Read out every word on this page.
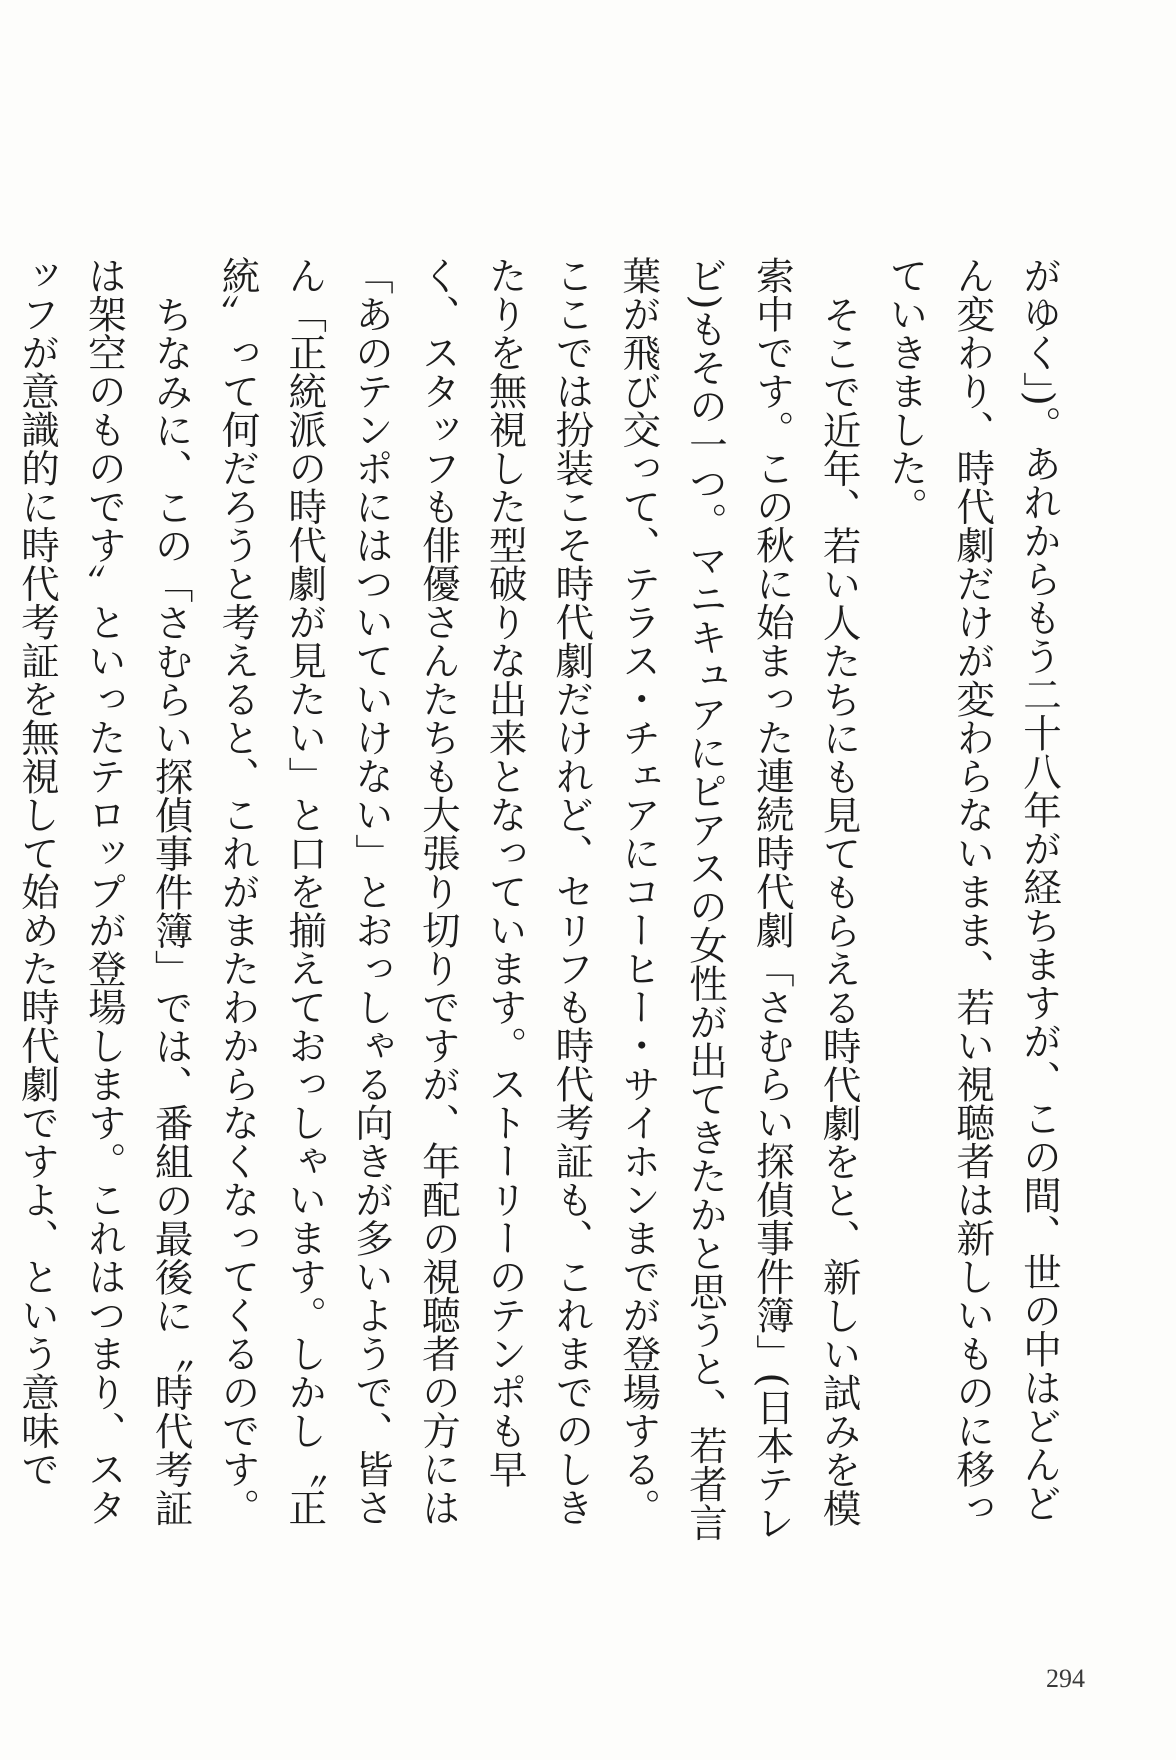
がゆく」)。あれからもう二十八年が経ちますが、この間、世の中はどんどん変わり、時代劇だけが変わらないまま、若い視聴者は新しいものに移っていきました。

そこで近年、若い人たちにも見てもらえる時代劇をと、新しい試みを模索中です。この秋に始まった連続時代劇「さむらい探偵事件簿」(日本テレビ)もその一つ。マニキュアにピアスの女性が出てきたかと思うと、若者言葉が飛び交って、テラス・チェアにコーヒー・サイホンまでが登場する。ここでは扮装こそ時代劇だけれど、セリフも時代考証も、これまでのしきたりを無視した型破りな出来となっています。ストーリーのテンポも早く、スタッフも俳優さんたちも大張り切りですが、年配の視聴者の方には「あのテンポにはついていけない」とおっしゃる向きが多いようで、皆さん「正統派の時代劇が見たい」と口を揃えておっしゃいます。しかし〝正統〟って何だろうと考えると、これがまたわからなくなってくるのです。

ちなみに、この「さむらい探偵事件簿」では、番組の最後に〝時代考証は架空のものです〟といったテロップが登場します。これはつまり、スタッフが意識的に時代考証を無視して始めた時代劇ですよ、という意味で

294
